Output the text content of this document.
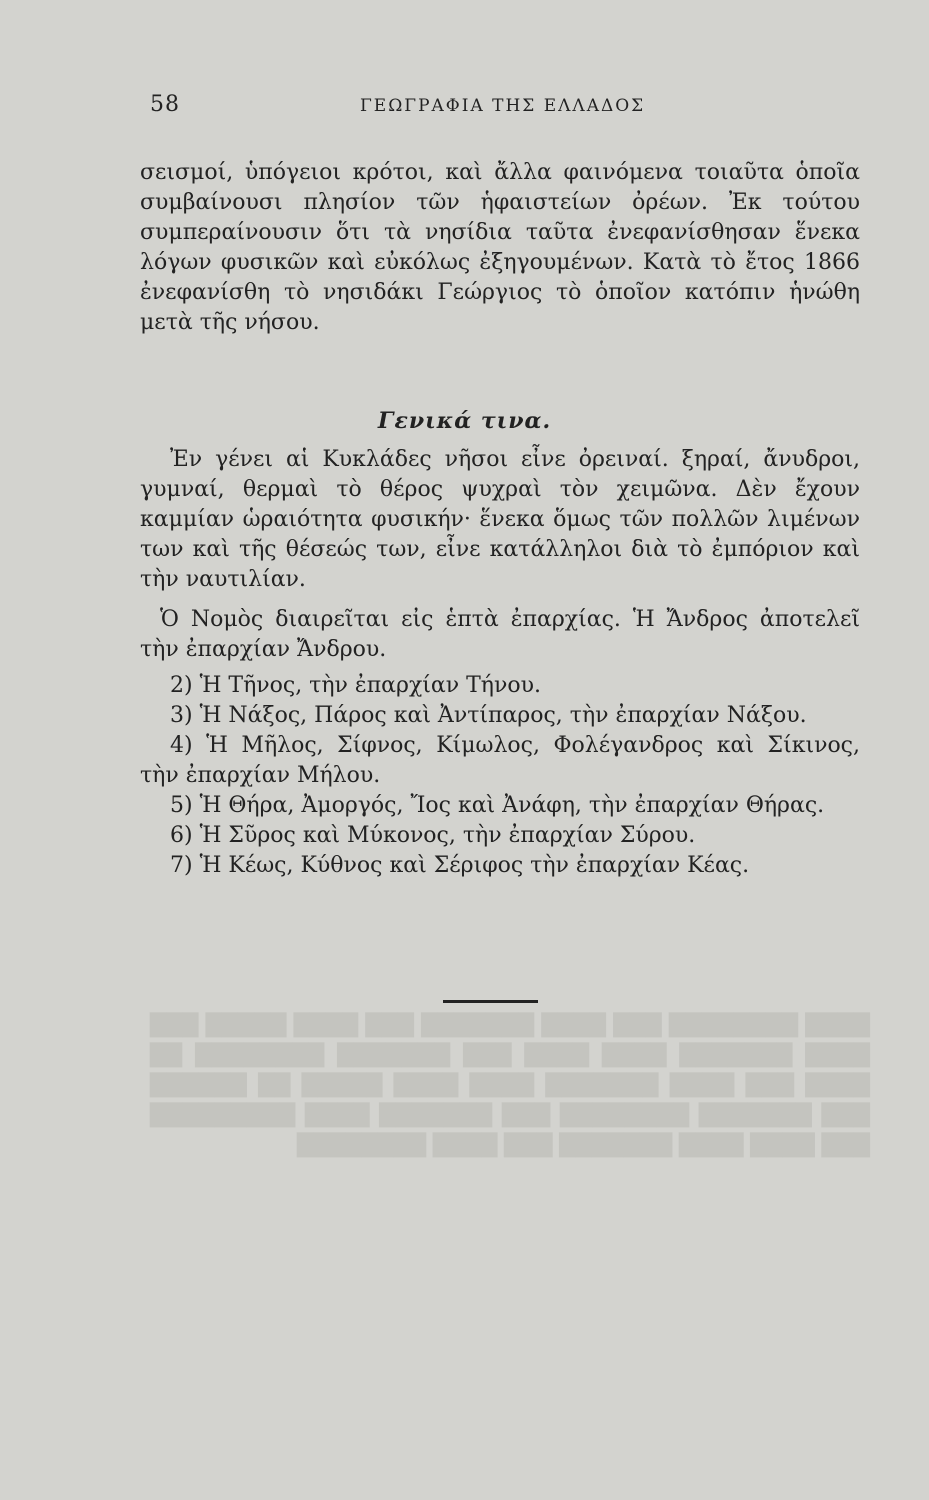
████ ████████ ███ ████ ███████ ███ ████ █████ ███ ████ ███████ ████ ████ ███ ███████ ████████ ██ ████ ███ ████ ███████ ████ ████ █████ ██ ██████ ███ ███████ ████████ ███ ███████ ████ █████████ ███ ████ ████ ███████ ███ ████ ████████
58	ΓΕΩΓΡΑΦΙΑ ΤΗΣ ΕΛΛΑΔΟΣ

σεισμοί, ὑπόγειοι κρότοι, καὶ ἄλλα φαινόμενα τοιαῦτα ὁποῖα συμβαίνουσι πλησίον τῶν ἡφαιστείων ὀρέων. Ἐκ τούτου συμπεραίνουσιν ὅτι τὰ νησίδια ταῦτα ἐνεφανίσθησαν ἕνεκα λόγων φυσικῶν καὶ εὐκόλως ἐξηγουμένων. Κατὰ τὸ ἔτος 1866 ἐνεφανίσθη τὸ νησιδάκι Γεώργιος τὸ ὁποῖον κατόπιν ἡνώθη μετὰ τῆς νήσου.

Γενικά τινα.

Ἐν γένει αἱ Κυκλάδες νῆσοι εἶνε ὀρειναί. ξηραί, ἄνυδροι, γυμναί, θερμαὶ τὸ θέρος ψυχραὶ τὸν χειμῶνα. Δὲν ἔχουν καμμίαν ὡραιότητα φυσικήν· ἕνεκα ὅμως τῶν πολλῶν λιμένων των καὶ τῆς θέσεώς των, εἶνε κατάλληλοι διὰ τὸ ἐμπόριον καὶ τὴν ναυτιλίαν.

Ὁ Νομὸς διαιρεῖται εἰς ἑπτὰ ἐπαρχίας. Ἡ Ἄνδρος ἀποτελεῖ τὴν ἐπαρχίαν Ἄνδρου.

2) Ἡ Τῆνος, τὴν ἐπαρχίαν Τήνου.
3) Ἡ Νάξος, Πάρος καὶ Ἀντίπαρος, τὴν ἐπαρχίαν Νάξου.
4) Ἡ Μῆλος, Σίφνος, Κίμωλος, Φολέγανδρος καὶ Σίκινος, τὴν ἐπαρχίαν Μήλου.
5) Ἡ Θήρα, Ἀμοργός, Ἴος καὶ Ἀνάφη, τὴν ἐπαρχίαν Θήρας.
6) Ἡ Σῦρος καὶ Μύκονος, τὴν ἐπαρχίαν Σύρου.
7) Ἡ Κέως, Κύθνος καὶ Σέριφος τὴν ἐπαρχίαν Κέας.
